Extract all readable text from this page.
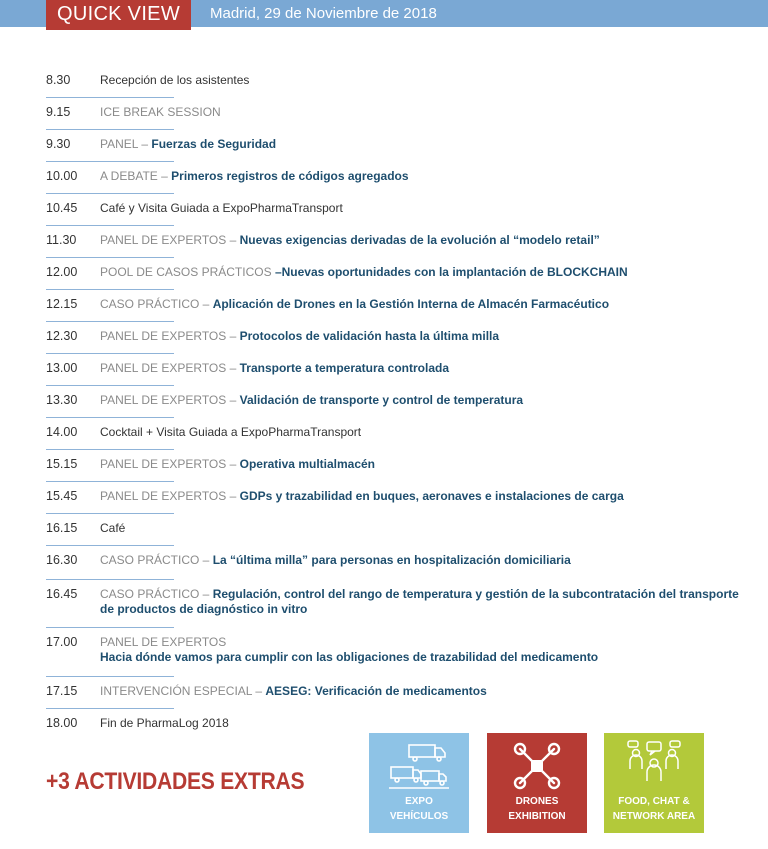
QUICK VIEW	Madrid, 29 de Noviembre de 2018
8.30	Recepción de los asistentes
9.15	ICE BREAK SESSION
9.30	PANEL – Fuerzas de Seguridad
10.00	A DEBATE – Primeros registros de códigos agregados
10.45	Café y Visita Guiada a ExpoPharmaTransport
11.30	PANEL DE EXPERTOS – Nuevas exigencias derivadas de la evolución al “modelo retail”
12.00	POOL DE CASOS PRÁCTICOS –Nuevas oportunidades con la implantación de BLOCKCHAIN
12.15	CASO PRÁCTICO – Aplicación de Drones en la Gestión Interna de Almacén Farmacéutico
12.30	PANEL DE EXPERTOS – Protocolos de validación hasta la última milla
13.00	PANEL DE EXPERTOS – Transporte a temperatura controlada
13.30	PANEL DE EXPERTOS – Validación de transporte y control de temperatura
14.00	Cocktail + Visita Guiada a ExpoPharmaTransport
15.15	PANEL DE EXPERTOS – Operativa multialmacén
15.45	PANEL DE EXPERTOS – GDPs y trazabilidad en buques, aeronaves e instalaciones de carga
16.15	Café
16.30	CASO PRÁCTICO – La “última milla” para personas en hospitalización domiciliaria
16.45	CASO PRÁCTICO – Regulación, control del rango de temperatura y gestión de la subcontratación del transporte de productos de diagnóstico in vitro
17.00	PANEL DE EXPERTOS
Hacia dónde vamos para cumplir con las obligaciones de trazabilidad del medicamento
17.15	INTERVENCIÓN ESPECIAL – AESEG: Verificación de medicamentos
18.00	Fin de PharmaLog 2018
+3 ACTIVIDADES EXTRAS
EXPO
VEHÍCULOS
DRONES
EXHIBITION
FOOD, CHAT &
NETWORK AREA
